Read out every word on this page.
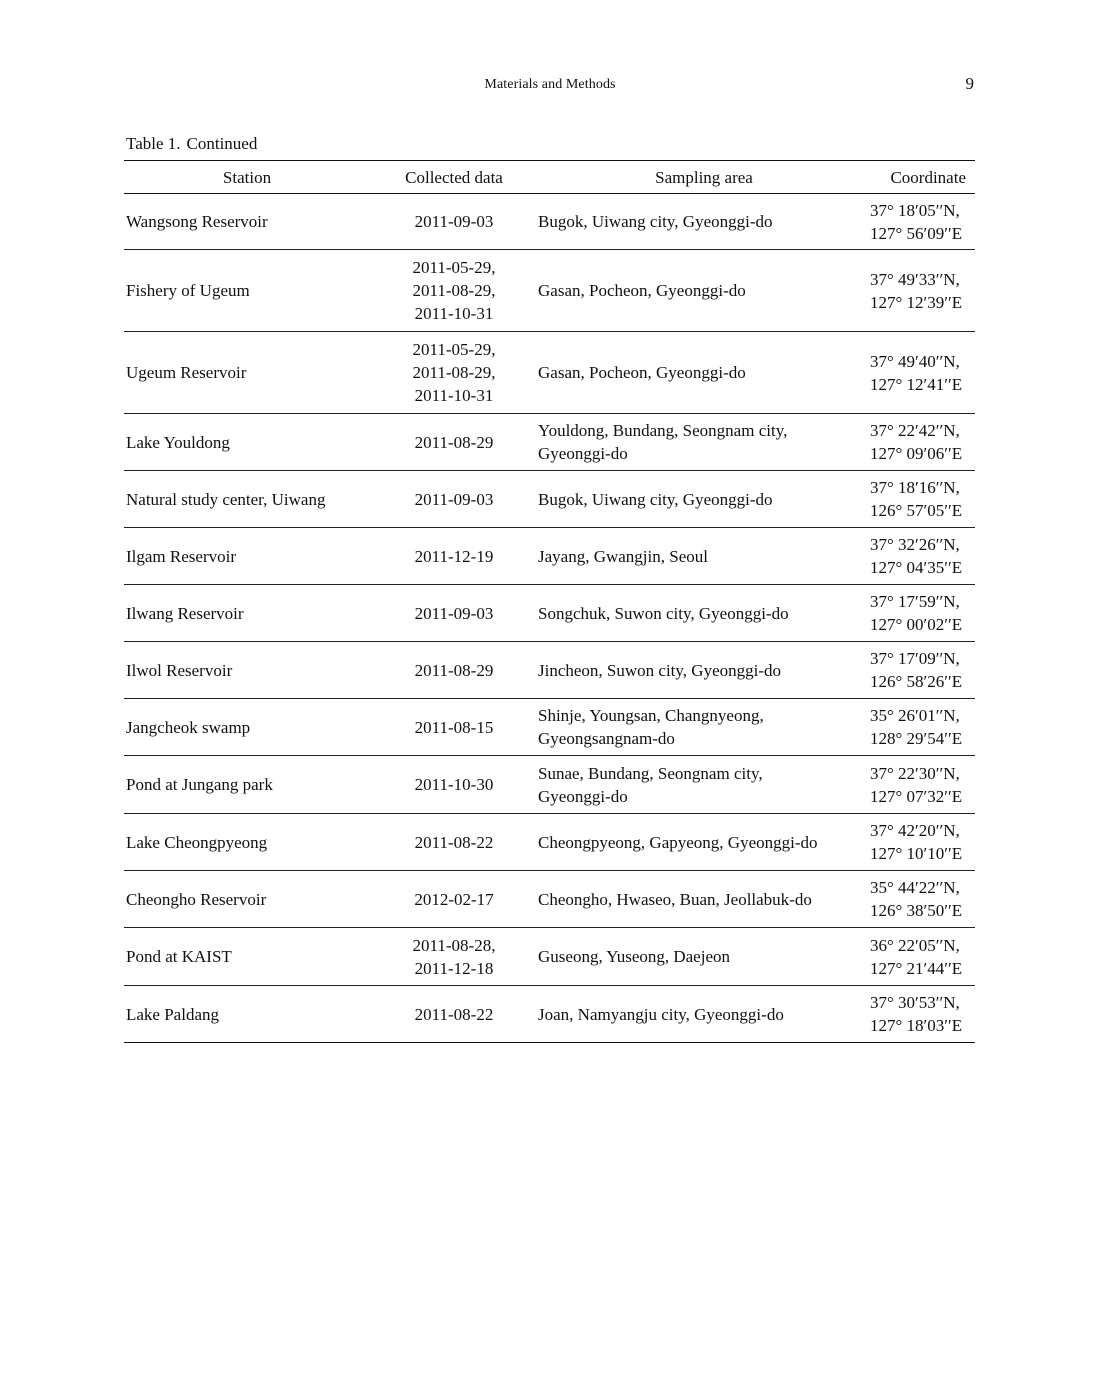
Materials and Methods	9
Table 1. Continued
Station	Collected data	Sampling area	Coordinate
Wangsong Reservoir	2011-09-03	Bugok, Uiwang city, Gyeonggi-do	37° 18′05′′N,
127° 56′09′′E

Fishery of Ugeum	2011-05-29,
2011-08-29,
2011-10-31	Gasan, Pocheon, Gyeonggi-do	37° 49′33′′N,
127° 12′39′′E

Ugeum Reservoir	2011-05-29,
2011-08-29,
2011-10-31	Gasan, Pocheon, Gyeonggi-do	37° 49′40′′N,
127° 12′41′′E

Lake Youldong	2011-08-29	Youldong, Bundang, Seongnam city,
Gyeonggi-do	37° 22′42′′N,
127° 09′06′′E

Natural study center, Uiwang	2011-09-03	Bugok, Uiwang city, Gyeonggi-do	37° 18′16′′N,
126° 57′05′′E

Ilgam Reservoir	2011-12-19	Jayang, Gwangjin, Seoul	37° 32′26′′N,
127° 04′35′′E

Ilwang Reservoir	2011-09-03	Songchuk, Suwon city, Gyeonggi-do	37° 17′59′′N,
127° 00′02′′E

Ilwol Reservoir	2011-08-29	Jincheon, Suwon city, Gyeonggi-do	37° 17′09′′N,
126° 58′26′′E

Jangcheok swamp	2011-08-15	Shinje, Youngsan, Changnyeong,
Gyeongsangnam-do	35° 26′01′′N,
128° 29′54′′E

Pond at Jungang park	2011-10-30	Sunae, Bundang, Seongnam city,
Gyeonggi-do	37° 22′30′′N,
127° 07′32′′E

Lake Cheongpyeong	2011-08-22	Cheongpyeong, Gapyeong, Gyeonggi-do	37° 42′20′′N,
127° 10′10′′E

Cheongho Reservoir	2012-02-17	Cheongho, Hwaseo, Buan, Jeollabuk-do	35° 44′22′′N,
126° 38′50′′E

Pond at KAIST	2011-08-28,
2011-12-18	Guseong, Yuseong, Daejeon	36° 22′05′′N,
127° 21′44′′E

Lake Paldang	2011-08-22	Joan, Namyangju city, Gyeonggi-do	37° 30′53′′N,
127° 18′03′′E
